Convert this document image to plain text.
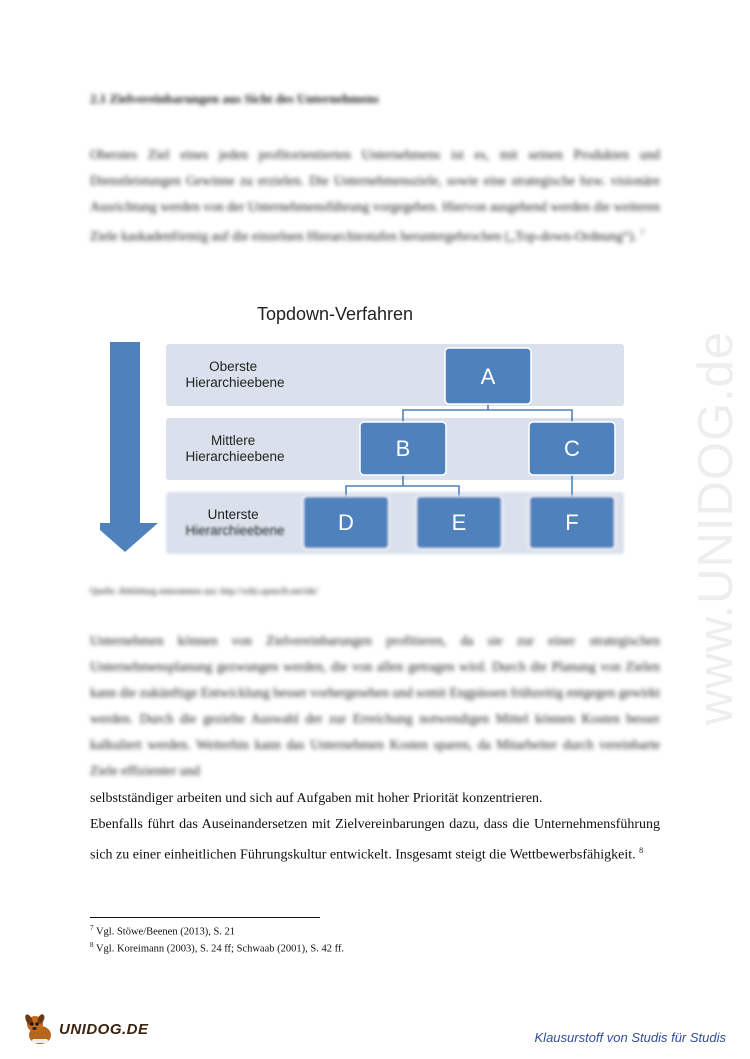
2.1 Zielvereinbarungen aus Sicht des Unternehmens
Oberstes Ziel eines jeden profitorientierten Unternehmens ist es, mit seinen Produkten und Dienstleistungen Gewinne zu erzielen. Die Unternehmensziele, sowie eine strategische bzw. visionäre Ausrichtung werden von der Unternehmensführung vorgegeben. Hiervon ausgehend werden die weiteren Ziele kaskadenförmig auf die einzelnen Hierarchiestufen heruntergebrochen („Top-down-Ordnung“). $^7$
Topdown-Verfahren
Oberste Hierarchieebene
Mittlere Hierarchieebene
Unterste Hierarchieebene
A
B	C
D	E	F
Quelle: Abbildung entnommen aus: http://wiki.openclb.net/ide/
Unternehmen können von Zielvereinbarungen profitieren, da sie zur einer strategischen Unternehmensplanung gezwungen werden, die von allen getragen wird. Durch die Planung von Zielen kann die zukünftige Entwicklung besser vorhergesehen und somit Engpässen frühzeitig entgegen gewirkt werden. Durch die gezielte Auswahl der zur Erreichung notwendigen Mittel können Kosten besser kalkuliert werden. Weiterhin kann das Unternehmen Kosten sparen, da Mitarbeiter durch vereinbarte Ziele effizienter und
selbstständiger arbeiten und sich auf Aufgaben mit hoher Priorität konzentrieren.
Ebenfalls führt das Auseinandersetzen mit Zielvereinbarungen dazu, dass die Unternehmensführung sich zu einer einheitlichen Führungskultur entwickelt. Insgesamt steigt die Wettbewerbsfähigkeit. $^8$
$^7$ Vgl. Stöwe/Beenen (2013), S. 21
$^8$ Vgl. Koreimann (2003), S. 24 ff; Schwaab (2001), S. 42 ff.
www.UNIDOG.de
UNIDOG.DE	Klausurstoff von Studis für Studis
